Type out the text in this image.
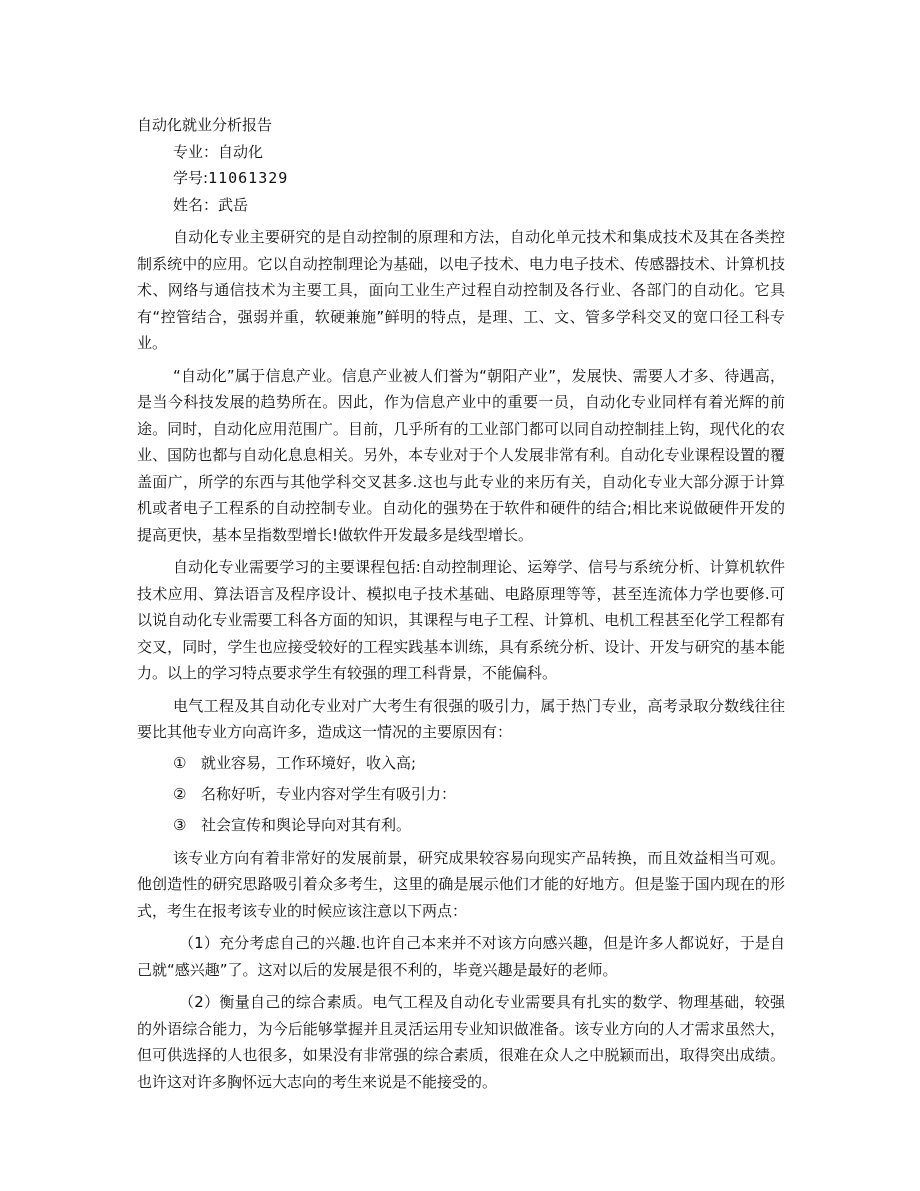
自动化就业分析报告

专业：自动化

学号:11061329

姓名：武岳

自动化专业主要研究的是自动控制的原理和方法，自动化单元技术和集成技术及其在各类控制系统中的应用。它以自动控制理论为基础，以电子技术、电力电子技术、传感器技术、计算机技术、网络与通信技术为主要工具，面向工业生产过程自动控制及各行业、各部门的自动化。它具有“控管结合，强弱并重，软硬兼施”鲜明的特点，是理、工、文、管多学科交叉的宽口径工科专业。

“自动化”属于信息产业。信息产业被人们誉为“朝阳产业”，发展快、需要人才多、待遇高，是当今科技发展的趋势所在。因此，作为信息产业中的重要一员，自动化专业同样有着光辉的前途。同时，自动化应用范围广。目前，几乎所有的工业部门都可以同自动控制挂上钩，现代化的农业、国防也都与自动化息息相关。另外，本专业对于个人发展非常有利。自动化专业课程设置的覆盖面广，所学的东西与其他学科交叉甚多.这也与此专业的来历有关，自动化专业大部分源于计算机或者电子工程系的自动控制专业。自动化的强势在于软件和硬件的结合;相比来说做硬件开发的提高更快，基本呈指数型增长!做软件开发最多是线型增长。

自动化专业需要学习的主要课程包括:自动控制理论、运筹学、信号与系统分析、计算机软件技术应用、算法语言及程序设计、模拟电子技术基础、电路原理等等，甚至连流体力学也要修.可以说自动化专业需要工科各方面的知识，其课程与电子工程、计算机、电机工程甚至化学工程都有交叉，同时，学生也应接受较好的工程实践基本训练，具有系统分析、设计、开发与研究的基本能力。以上的学习特点要求学生有较强的理工科背景，不能偏科。

电气工程及其自动化专业对广大考生有很强的吸引力，属于热门专业，高考录取分数线往往要比其他专业方向高许多，造成这一情况的主要原因有：

① 就业容易，工作环境好，收入高;

② 名称好听，专业内容对学生有吸引力：

③ 社会宣传和舆论导向对其有利。

该专业方向有着非常好的发展前景，研究成果较容易向现实产品转换，而且效益相当可观。他创造性的研究思路吸引着众多考生，这里的确是展示他们才能的好地方。但是鉴于国内现在的形式，考生在报考该专业的时候应该注意以下两点：

（1）充分考虑自己的兴趣.也许自己本来并不对该方向感兴趣，但是许多人都说好，于是自己就“感兴趣”了。这对以后的发展是很不利的，毕竟兴趣是最好的老师。

（2）衡量自己的综合素质。电气工程及自动化专业需要具有扎实的数学、物理基础，较强的外语综合能力，为今后能够掌握并且灵活运用专业知识做准备。该专业方向的人才需求虽然大，但可供选择的人也很多，如果没有非常强的综合素质，很难在众人之中脱颖而出，取得突出成绩。也许这对许多胸怀远大志向的考生来说是不能接受的。
